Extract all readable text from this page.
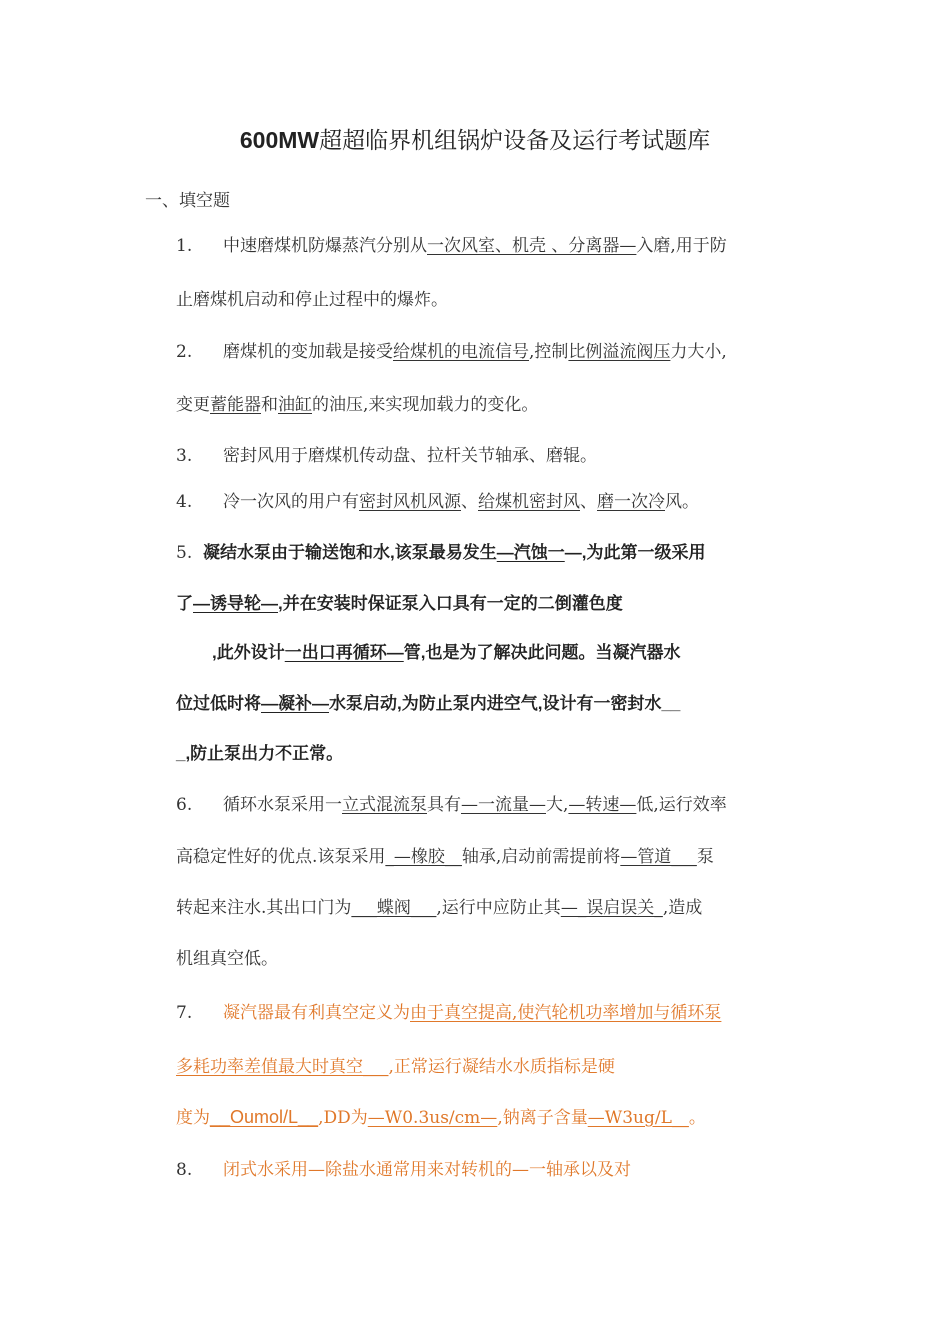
600MW超超临界机组锅炉设备及运行考试题库
一、填空题
1. 中速磨煤机防爆蒸汽分别从一次风室、机壳 、分离器—入磨,用于防
止磨煤机启动和停止过程中的爆炸。
2. 磨煤机的变加载是接受给煤机的电流信号,控制比例溢流阀压力大小,
变更蓄能器和油缸的油压,来实现加载力的变化。
3. 密封风用于磨煤机传动盘、拉杆关节轴承、磨辊。
4. 冷一次风的用户有密封风机风源、给煤机密封风、磨一次冷风。
5. 凝结水泵由于输送饱和水,该泵最易发生—汽蚀一—,为此第一级采用
了—诱导轮—,并在安装时保证泵入口具有一定的二倒灌色度
,此外设计一出口再循环—管,也是为了解决此问题。当凝汽器水
位过低时将—凝补—水泵启动,为防止泵内进空气,设计有一密封水__
_,防止泵出力不正常。
6. 循环水泵采用一立式混流泵具有—一流量—大,—转速—低,运行效率
高稳定性好的优点.该泵采用_—橡胶__轴承,启动前需提前将—管道___泵
转起来注水.其出口门为___蝶阀___,运行中应防止其—_误启误关_,造成
机组真空低。
7. 凝汽器最有利真空定义为由于真空提高,使汽轮机功率增加与循环泵
多耗功率差值最大时真空___,正常运行凝结水水质指标是硬
度为__Oumol/L__,DD为—W0.3us/cm—,钠离子含量—W3ug/L__。
8. 闭式水采用—除盐水通常用来对转机的—一轴承以及对
